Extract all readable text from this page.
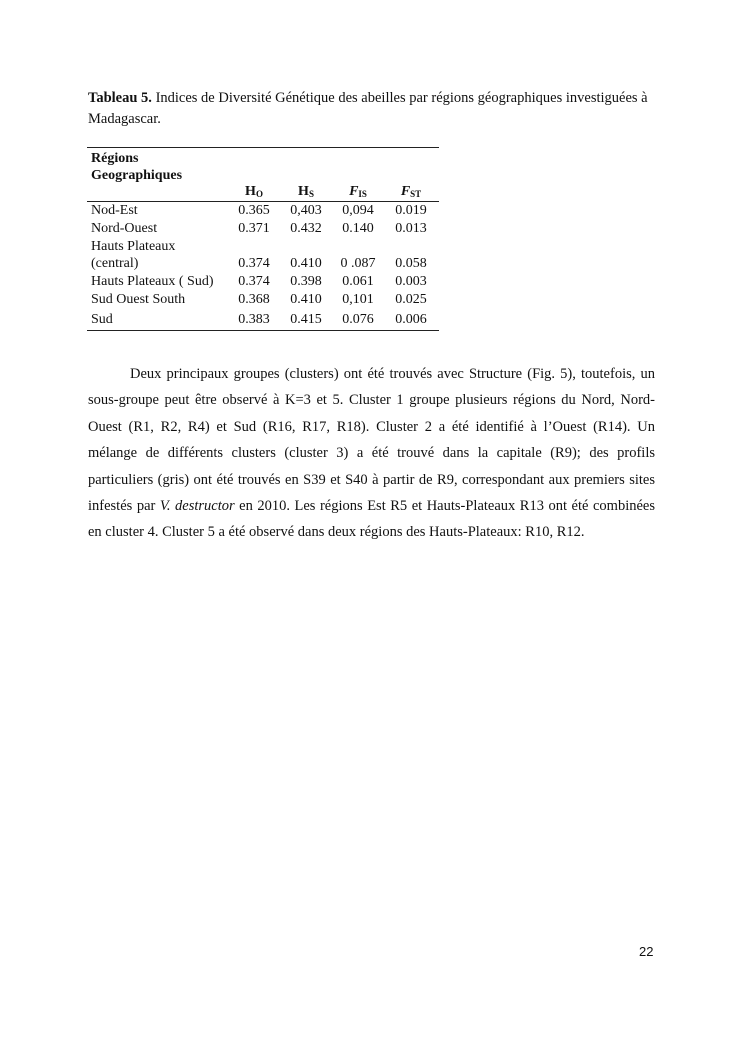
Tableau 5. Indices de Diversité Génétique des abeilles par régions géographiques investiguées à Madagascar.
Régions
Geographiques
$H_O$	$H_S$	$F_{IS}$	$F_{ST}$
Nod-Est	0.365	0,403	0,094	0.019
Nord-Ouest	0.371	0.432	0.140	0.013
Hauts Plateaux
(central)	0.374	0.410	0 .087	0.058
Hauts Plateaux ( Sud)	0.374	0.398	0.061	0.003
Sud Ouest South	0.368	0.410	0,101	0.025
Sud	0.383	0.415	0.076	0.006
Deux principaux groupes (clusters) ont été trouvés avec Structure (Fig. 5), toutefois, un sous-groupe peut être observé à K=3 et 5. Cluster 1 groupe plusieurs régions du Nord, Nord-Ouest (R1, R2, R4) et Sud (R16, R17, R18). Cluster 2 a été identifié à l’Ouest (R14). Un mélange de différents clusters (cluster 3) a été trouvé dans la capitale (R9); des profils particuliers (gris) ont été trouvés en S39 et S40 à partir de R9, correspondant aux premiers sites infestés par V. destructor en 2010. Les régions Est R5 et Hauts-Plateaux R13 ont été combinées en cluster 4. Cluster 5 a été observé dans deux régions des Hauts-Plateaux: R10, R12.
22
